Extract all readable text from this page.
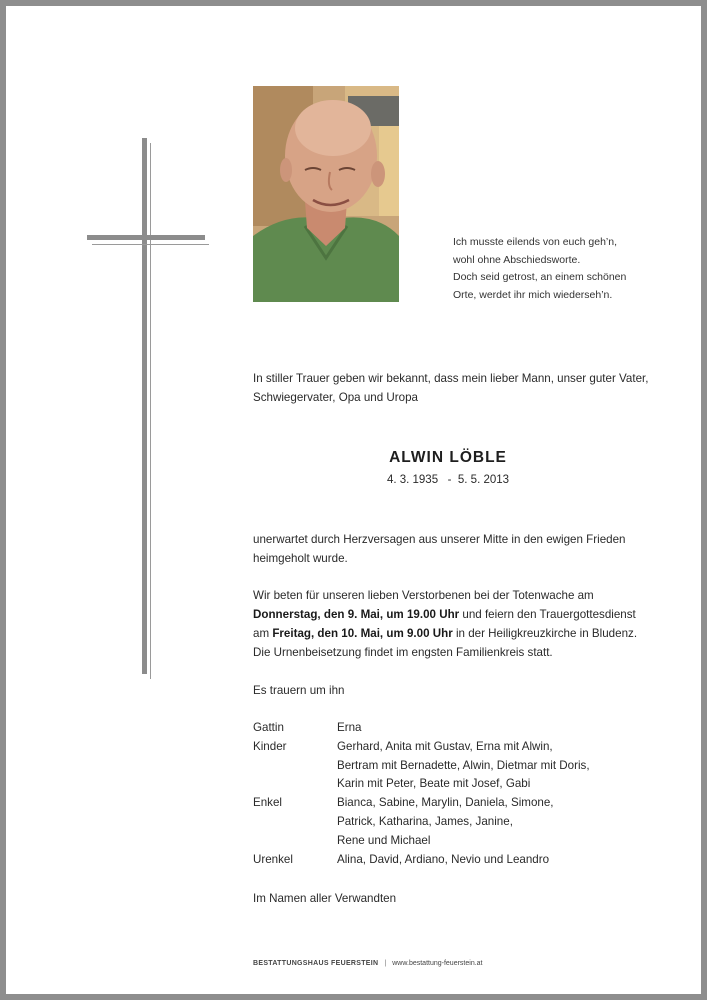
Ich musste eilends von euch geh’n,
wohl ohne Abschiedsworte.
Doch seid getrost, an einem schönen
Orte, werdet ihr mich wiederseh’n.
In stiller Trauer geben wir bekannt, dass mein lieber Mann, unser guter Vater, Schwiegervater, Opa und Uropa
ALWIN LÖBLE
4. 3. 1935   -  5. 5. 2013
unerwartet durch Herzversagen aus unserer Mitte in den ewigen Frieden heimgeholt wurde.
Wir beten für unseren lieben Verstorbenen bei der Totenwache am
Donnerstag, den 9. Mai, um 19.00 Uhr und feiern den Trauergottesdienst
am Freitag, den 10. Mai, um 9.00 Uhr in der Heiligkreuzkirche in Bludenz.
Die Urnenbeisetzung findet im engsten Familienkreis statt.
Es trauern um ihn
Gattin	Erna
Kinder	Gerhard, Anita mit Gustav, Erna mit Alwin,
Bertram mit Bernadette, Alwin, Dietmar mit Doris,
Karin mit Peter, Beate mit Josef, Gabi
Enkel	Bianca, Sabine, Marylin, Daniela, Simone,
Patrick, Katharina, James, Janine,
Rene und Michael
Urenkel	Alina, David, Ardiano, Nevio und Leandro
Im Namen aller Verwandten
BESTATTUNGSHAUS FEUERSTEIN | www.bestattung-feuerstein.at
